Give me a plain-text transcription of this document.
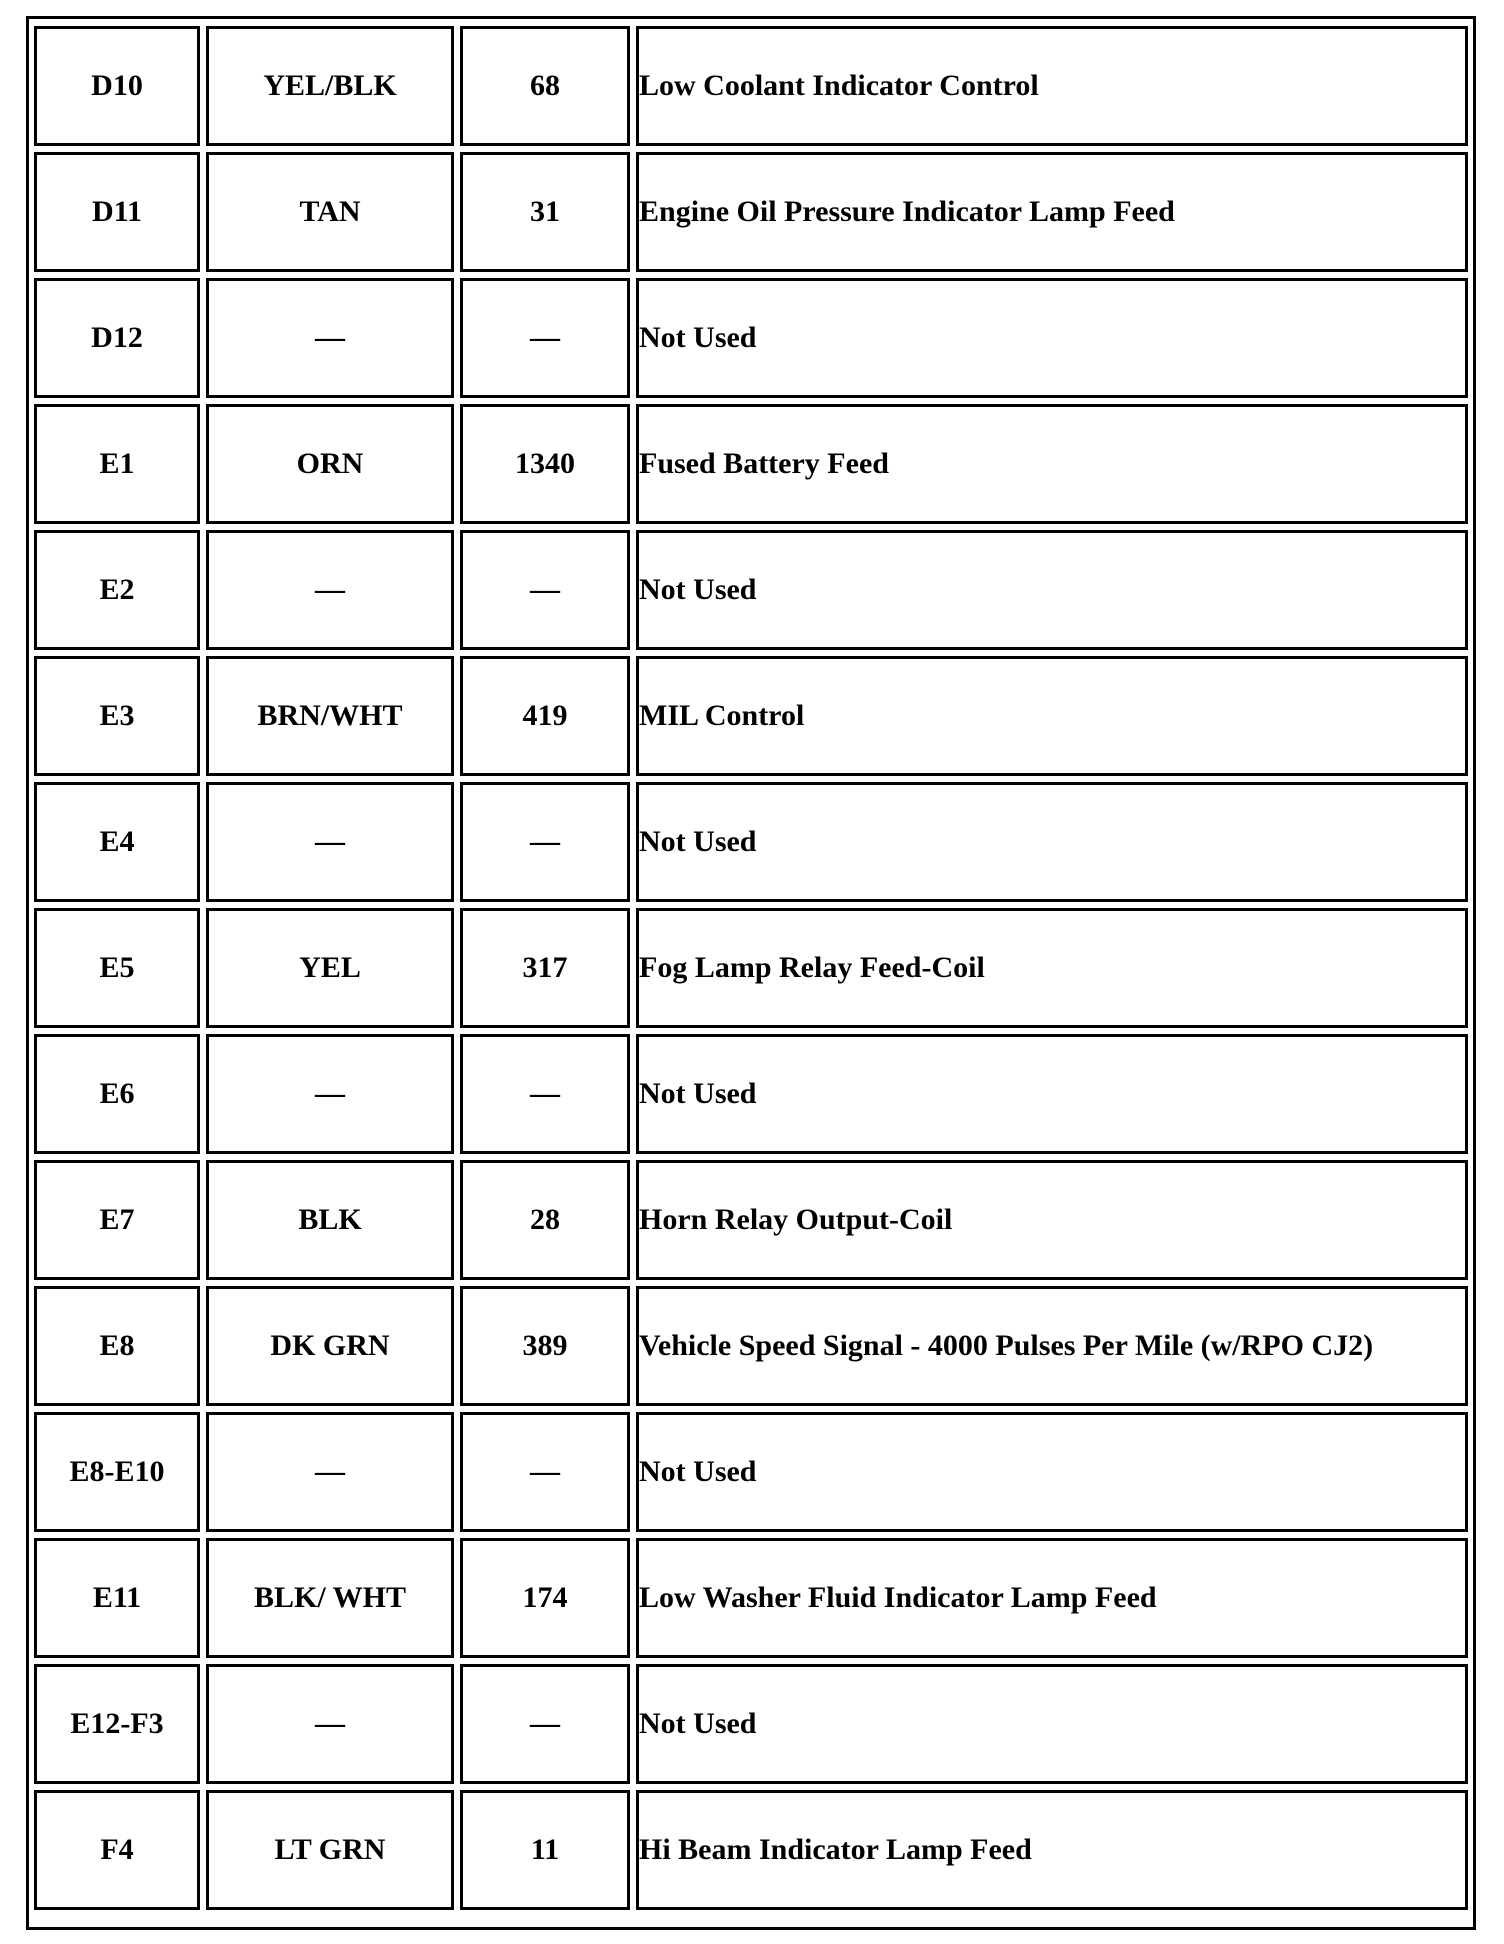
D10	YEL/BLK	68	Low Coolant Indicator Control
D11	TAN	31	Engine Oil Pressure Indicator Lamp Feed
D12	—	—	Not Used
E1	ORN	1340	Fused Battery Feed
E2	—	—	Not Used
E3	BRN/WHT	419	MIL Control
E4	—	—	Not Used
E5	YEL	317	Fog Lamp Relay Feed-Coil
E6	—	—	Not Used
E7	BLK	28	Horn Relay Output-Coil
E8	DK GRN	389	Vehicle Speed Signal - 4000 Pulses Per Mile (w/RPO CJ2)
E8-E10	—	—	Not Used
E11	BLK/ WHT	174	Low Washer Fluid Indicator Lamp Feed
E12-F3	—	—	Not Used
F4	LT GRN	11	Hi Beam Indicator Lamp Feed
